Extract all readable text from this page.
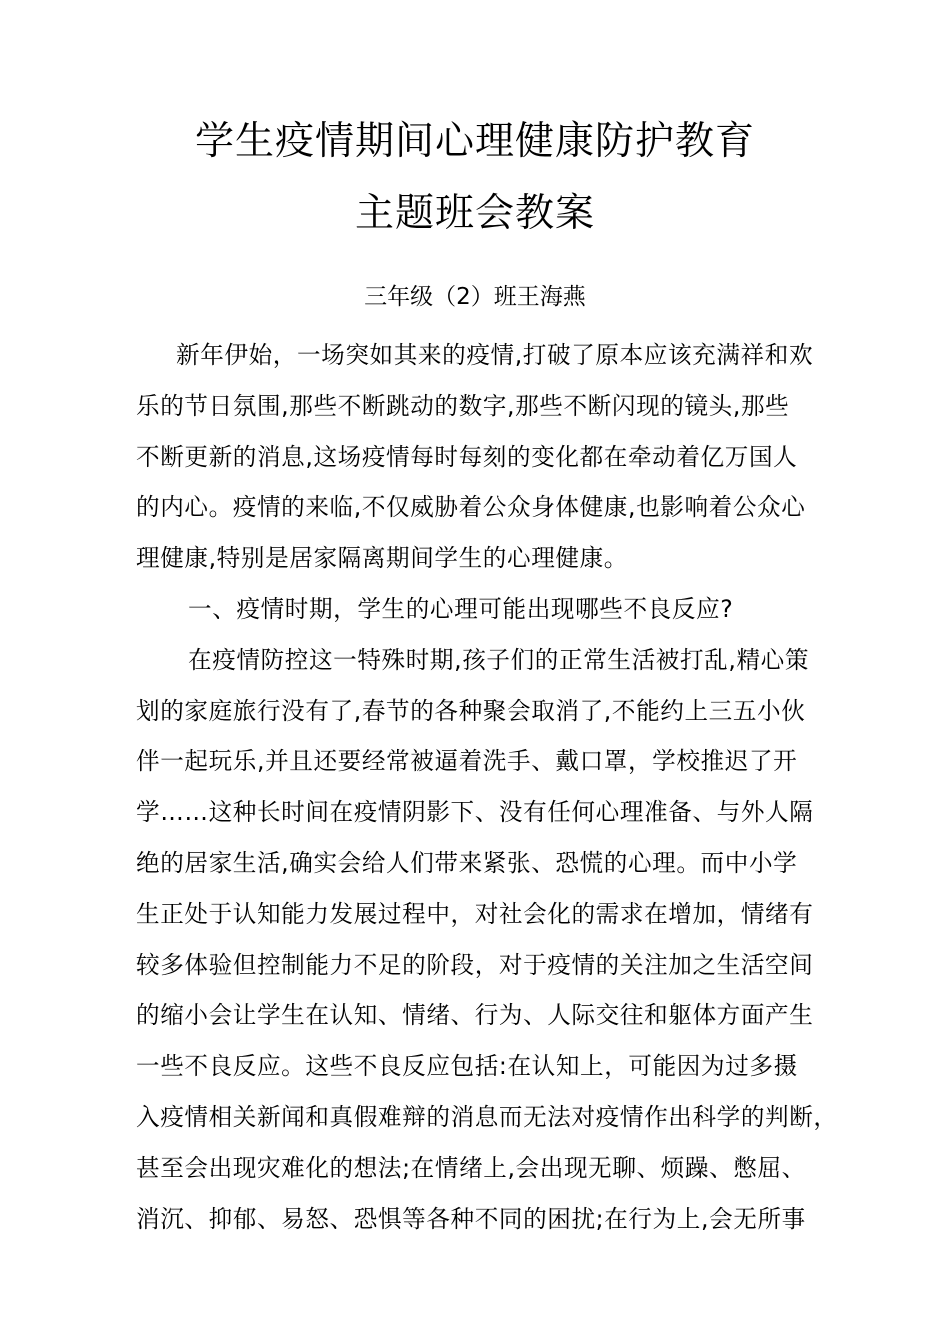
学生疫情期间心理健康防护教育
主题班会教案
三年级（2）班王海燕
新年伊始，一场突如其来的疫情,打破了原本应该充满祥和欢
乐的节日氛围,那些不断跳动的数字,那些不断闪现的镜头,那些
不断更新的消息,这场疫情每时每刻的变化都在牵动着亿万国人
的内心。疫情的来临,不仅威胁着公众身体健康,也影响着公众心
理健康,特别是居家隔离期间学生的心理健康。
一、疫情时期，学生的心理可能出现哪些不良反应?
在疫情防控这一特殊时期,孩子们的正常生活被打乱,精心策
划的家庭旅行没有了,春节的各种聚会取消了,不能约上三五小伙
伴一起玩乐,并且还要经常被逼着洗手、戴口罩，学校推迟了开
学……这种长时间在疫情阴影下、没有任何心理准备、与外人隔
绝的居家生活,确实会给人们带来紧张、恐慌的心理。而中小学
生正处于认知能力发展过程中，对社会化的需求在增加，情绪有
较多体验但控制能力不足的阶段，对于疫情的关注加之生活空间
的缩小会让学生在认知、情绪、行为、人际交往和躯体方面产生
一些不良反应。这些不良反应包括:在认知上，可能因为过多摄
入疫情相关新闻和真假难辩的消息而无法对疫情作出科学的判断，
甚至会出现灾难化的想法;在情绪上,会出现无聊、烦躁、憋屈、
消沉、抑郁、易怒、恐惧等各种不同的困扰;在行为上,会无所事
